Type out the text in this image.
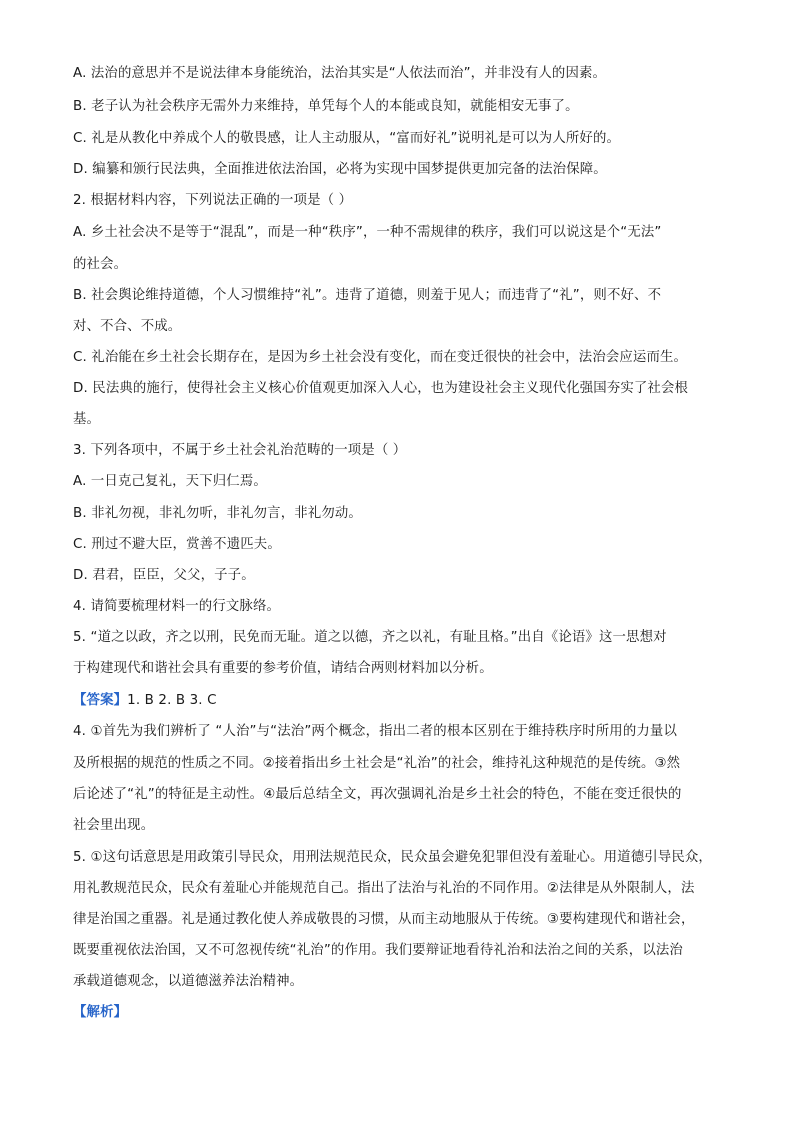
A. 法治的意思并不是说法律本身能统治，法治其实是“人依法而治”，并非没有人的因素。
B. 老子认为社会秩序无需外力来维持，单凭每个人的本能或良知，就能相安无事了。
C. 礼是从教化中养成个人的敬畏感，让人主动服从，“富而好礼”说明礼是可以为人所好的。
D. 编纂和颁行民法典，全面推进依法治国，必将为实现中国梦提供更加完备的法治保障。
2. 根据材料内容，下列说法正确的一项是（ ）
A. 乡土社会决不是等于“混乱”，而是一种“秩序”，一种不需规律的秩序，我们可以说这是个“无法”
的社会。
B. 社会舆论维持道德，个人习惯维持“礼”。违背了道德，则羞于见人；而违背了“礼”，则不好、不
对、不合、不成。
C. 礼治能在乡土社会长期存在，是因为乡土社会没有变化，而在变迁很快的社会中，法治会应运而生。
D. 民法典的施行，使得社会主义核心价值观更加深入人心，也为建设社会主义现代化强国夯实了社会根
基。
3. 下列各项中，不属于乡土社会礼治范畴的一项是（ ）
A. 一日克己复礼，天下归仁焉。
B. 非礼勿视，非礼勿听，非礼勿言，非礼勿动。
C. 刑过不避大臣，赏善不遗匹夫。
D. 君君，臣臣，父父，子子。
4. 请简要梳理材料一的行文脉络。
5. “道之以政，齐之以刑，民免而无耻。道之以德，齐之以礼，有耻且格。”出自《论语》这一思想对
于构建现代和谐社会具有重要的参考价值，请结合两则材料加以分析。
【答案】1. B 2. B 3. C
4. ①首先为我们辨析了 “人治”与“法治”两个概念，指出二者的根本区别在于维持秩序时所用的力量以
及所根据的规范的性质之不同。②接着指出乡土社会是“礼治”的社会，维持礼这种规范的是传统。③然
后论述了“礼”的特征是主动性。④最后总结全文，再次强调礼治是乡土社会的特色，不能在变迁很快的
社会里出现。
5. ①这句话意思是用政策引导民众，用刑法规范民众，民众虽会避免犯罪但没有羞耻心。用道德引导民众，
用礼教规范民众，民众有羞耻心并能规范自己。指出了法治与礼治的不同作用。②法律是从外限制人，法
律是治国之重器。礼是通过教化使人养成敬畏的习惯，从而主动地服从于传统。③要构建现代和谐社会，
既要重视依法治国，又不可忽视传统“礼治”的作用。我们要辩证地看待礼治和法治之间的关系，以法治
承载道德观念，以道德滋养法治精神。
【解析】
